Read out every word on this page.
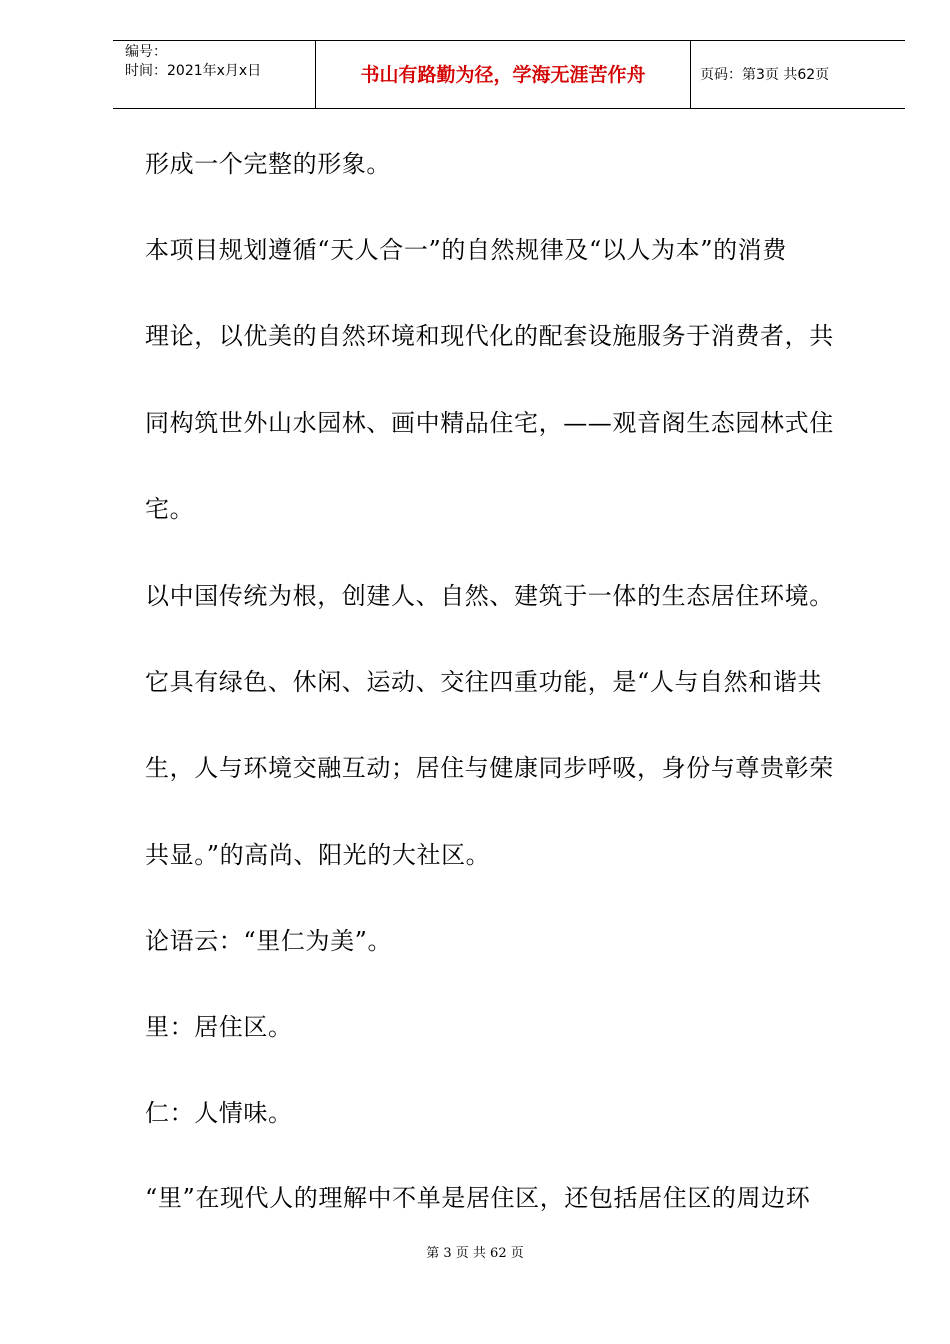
编号：
时间：2021年x月x日	书山有路勤为径，学海无涯苦作舟	页码：第3页 共62页
形成一个完整的形象。
本项目规划遵循“天人合一”的自然规律及“以人为本”的消费
理论，以优美的自然环境和现代化的配套设施服务于消费者，共
同构筑世外山水园林、画中精品住宅，——观音阁生态园林式住
宅。
以中国传统为根，创建人、自然、建筑于一体的生态居住环境。
它具有绿色、休闲、运动、交往四重功能，是“人与自然和谐共
生，人与环境交融互动；居住与健康同步呼吸，身份与尊贵彰荣
共显。”的高尚、阳光的大社区。
论语云：“里仁为美”。
里：居住区。
仁：人情味。
“里”在现代人的理解中不单是居住区，还包括居住区的周边环
第 3 页 共 62 页
